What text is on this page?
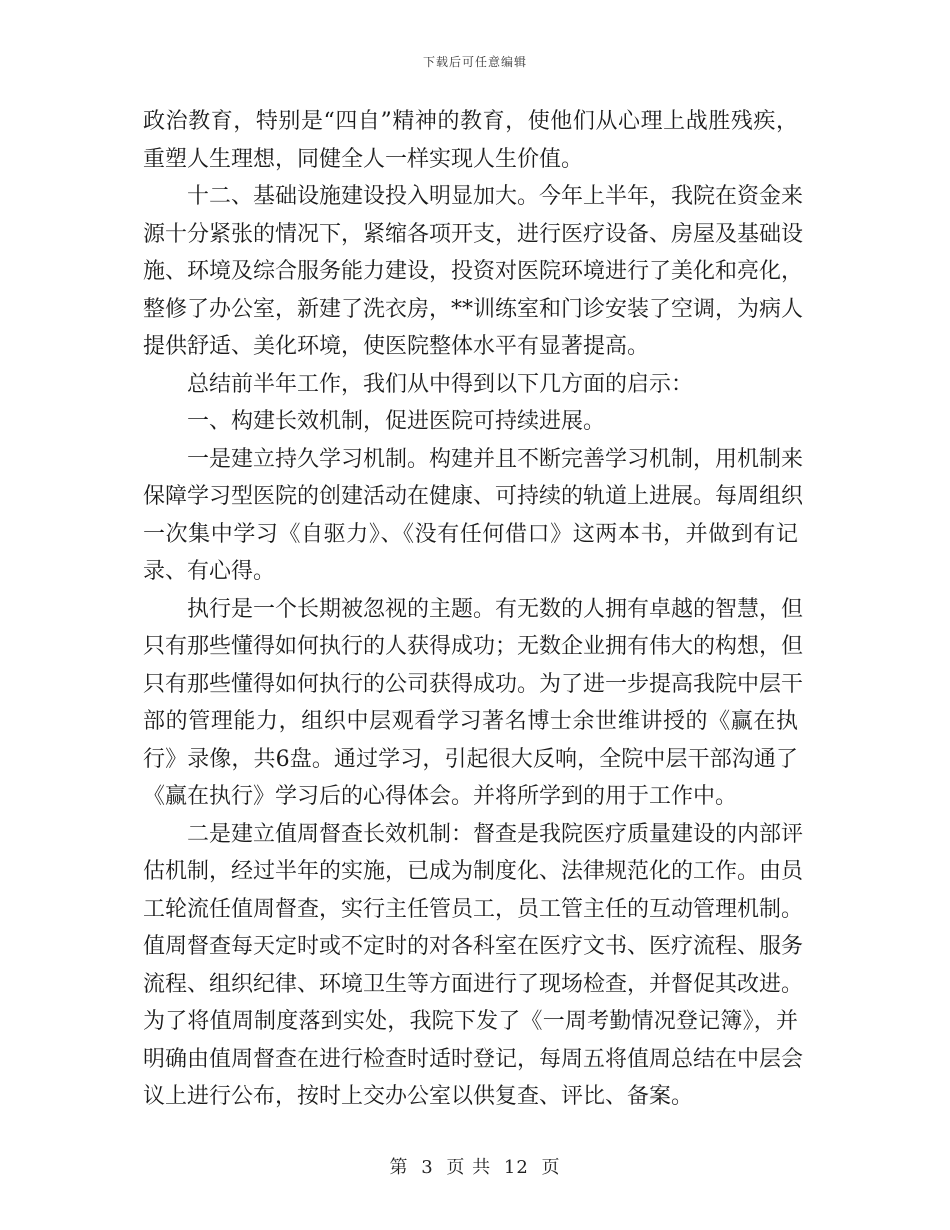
下载后可任意编辑
政治教育，特别是“四自”精神的教育，使他们从心理上战胜残疾，
重塑人生理想，同健全人一样实现人生价值。
十二、基础设施建设投入明显加大。今年上半年，我院在资金来
源十分紧张的情况下，紧缩各项开支，进行医疗设备、房屋及基础设
施、环境及综合服务能力建设，投资对医院环境进行了美化和亮化，
整修了办公室，新建了洗衣房，**训练室和门诊安装了空调，为病人
提供舒适、美化环境，使医院整体水平有显著提高。
总结前半年工作，我们从中得到以下几方面的启示：
一、构建长效机制，促进医院可持续进展。
一是建立持久学习机制。构建并且不断完善学习机制，用机制来
保障学习型医院的创建活动在健康、可持续的轨道上进展。每周组织
一次集中学习《自驱力》、《没有任何借口》这两本书，并做到有记
录、有心得。
执行是一个长期被忽视的主题。有无数的人拥有卓越的智慧，但
只有那些懂得如何执行的人获得成功；无数企业拥有伟大的构想，但
只有那些懂得如何执行的公司获得成功。为了进一步提高我院中层干
部的管理能力，组织中层观看学习著名博士余世维讲授的《赢在执
行》录像，共6盘。通过学习，引起很大反响，全院中层干部沟通了
《赢在执行》学习后的心得体会。并将所学到的用于工作中。
二是建立值周督查长效机制：督查是我院医疗质量建设的内部评
估机制，经过半年的实施，已成为制度化、法律规范化的工作。由员
工轮流任值周督查，实行主任管员工，员工管主任的互动管理机制。
值周督查每天定时或不定时的对各科室在医疗文书、医疗流程、服务
流程、组织纪律、环境卫生等方面进行了现场检查，并督促其改进。
为了将值周制度落到实处，我院下发了《一周考勤情况登记簿》，并
明确由值周督查在进行检查时适时登记，每周五将值周总结在中层会
议上进行公布，按时上交办公室以供复查、评比、备案。
第 3 页 共 12 页
